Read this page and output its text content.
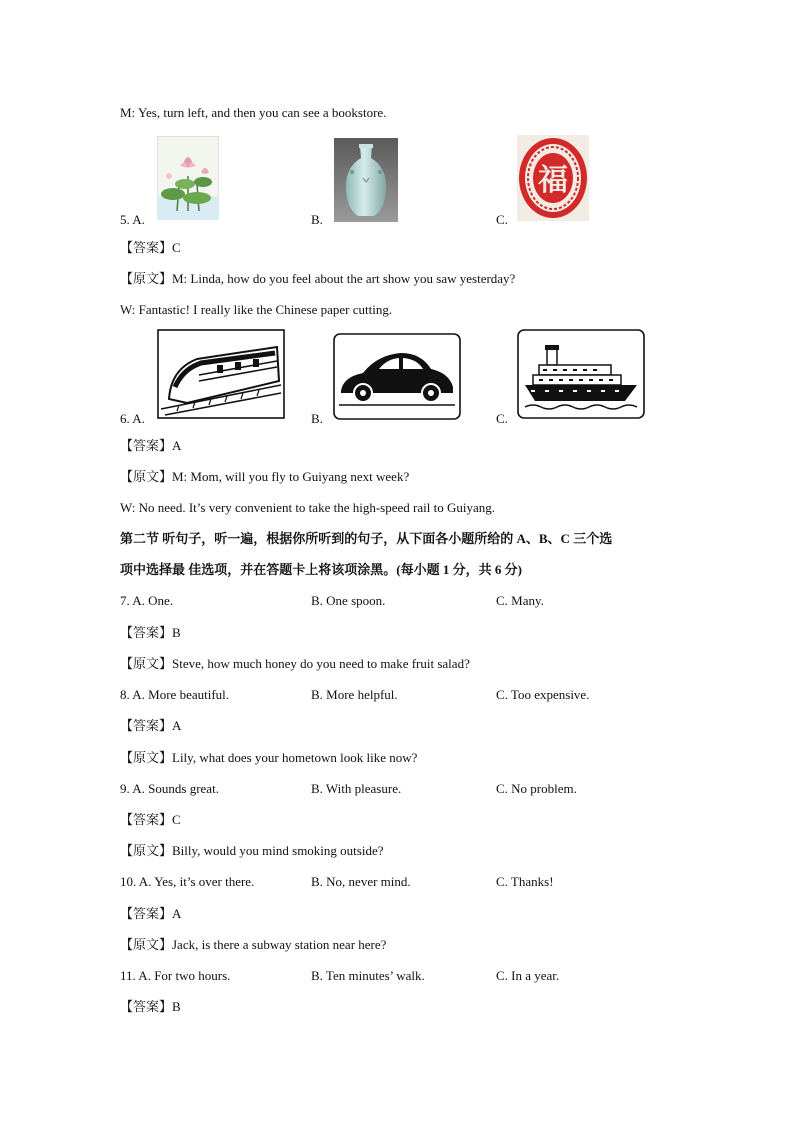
M: Yes, turn left, and then you can see a bookstore.
福
5. A.	B.	C.
【答案】C
【原文】M: Linda, how do you feel about the art show you saw yesterday?
W: Fantastic! I really like the Chinese paper cutting.
6. A.	B.	C.
【答案】A
【原文】M: Mom, will you fly to Guiyang next week?
W: No need. It’s very convenient to take the high-speed rail to Guiyang.
第二节 听句子，听一遍，根据你所听到的句子，从下面各小题所给的 A、B、C 三个选
项中选择最 佳选项，并在答题卡上将该项涂黑。(每小题 1 分，共 6 分)
7. A. One.	B. One spoon.	C. Many.
【答案】B
【原文】Steve, how much honey do you need to make fruit salad?
8. A. More beautiful.	B. More helpful.	C. Too expensive.
【答案】A
【原文】Lily, what does your hometown look like now?
9. A. Sounds great.	B. With pleasure.	C. No problem.
【答案】C
【原文】Billy, would you mind smoking outside?
10. A. Yes, it’s over there.	B. No, never mind.	C. Thanks!
【答案】A
【原文】Jack, is there a subway station near here?
11. A. For two hours.	B. Ten minutes’ walk.	C. In a year.
【答案】B
